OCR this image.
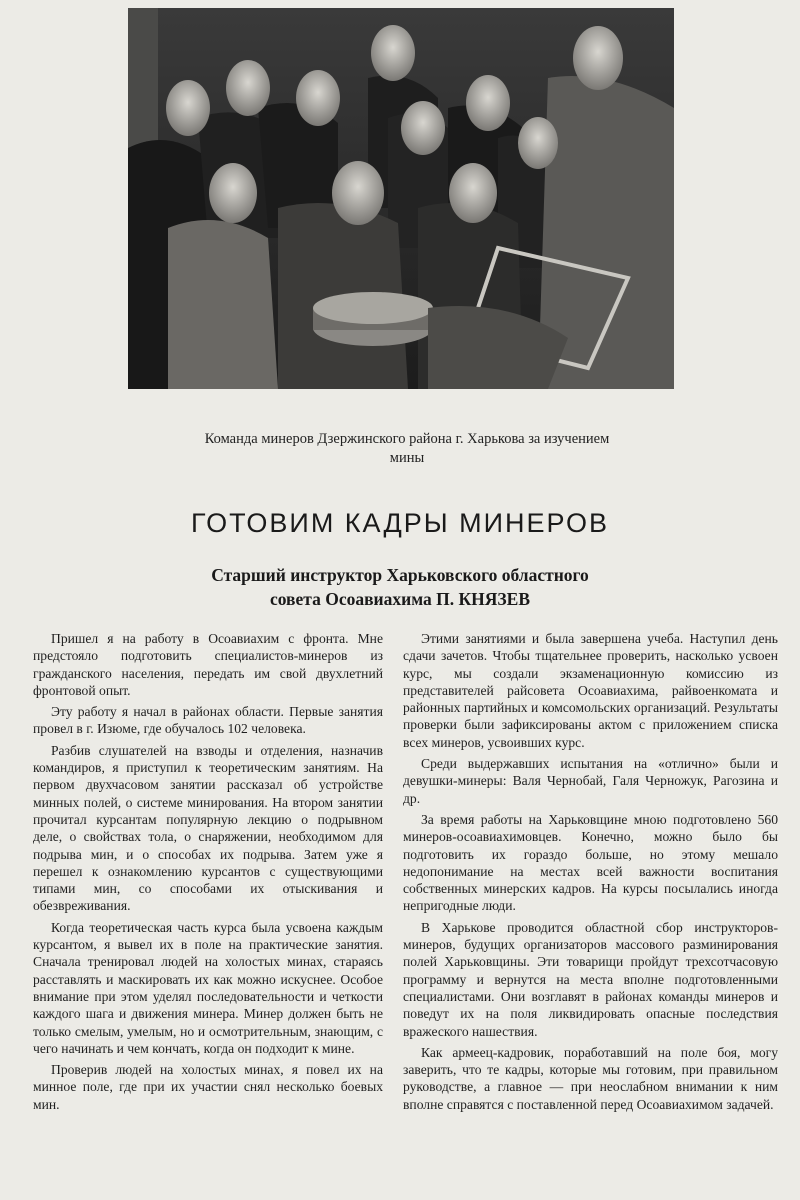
Команда минеров Дзержинского района г. Харькова за изучением
мины
ГОТОВИМ КАДРЫ МИНЕРОВ
Старший инструктор Харьковского областного
совета Осоавиахима П. КНЯЗЕВ

Пришел я на работу в Осоавиахим с фронта. Мне предстояло подготовить специалистов-минеров из гражданского населения, передать им свой двухлетний фронтовой опыт.

Эту работу я начал в районах области. Первые занятия провел в г. Изюме, где обучалось 102 человека.

Разбив слушателей на взводы и отделения, назначив командиров, я приступил к теоретическим занятиям. На первом двухчасовом занятии рассказал об устройстве минных полей, о системе минирования. На втором занятии прочитал курсантам популярную лекцию о подрывном деле, о свойствах тола, о снаряжении, необходимом для подрыва мин, и о способах их подрыва. Затем уже я перешел к ознакомлению курсантов с существующими типами мин, со способами их отыскивания и обезвреживания.

Когда теоретическая часть курса была усвоена каждым курсантом, я вывел их в поле на практические занятия. Сначала тренировал людей на холостых минах, стараясь расставлять и маскировать их как можно искуснее. Особое внимание при этом уделял последовательности и четкости каждого шага и движения минера. Минер должен быть не только смелым, умелым, но и осмотрительным, знающим, с чего начинать и чем кончать, когда он подходит к мине.

Проверив людей на холостых минах, я повел их на минное поле, где при их участии снял несколько боевых мин.

Этими занятиями и была завершена учеба. Наступил день сдачи зачетов. Чтобы тщательнее проверить, насколько усвоен курс, мы создали экзаменационную комиссию из представителей райсовета Осоавиахима, райвоенкомата и районных партийных и комсомольских организаций. Результаты проверки были зафиксированы актом с приложением списка всех минеров, усвоивших курс.

Среди выдержавших испытания на «отлично» были и девушки-минеры: Валя Чернобай, Галя Черножук, Рагозина и др.

За время работы на Харьковщине мною подготовлено 560 минеров-осоавиахимовцев. Конечно, можно было бы подготовить их гораздо больше, но этому мешало недопонимание на местах всей важности воспитания собственных минерских кадров. На курсы посылались иногда непригодные люди.

В Харькове проводится областной сбор инструкторов-минеров, будущих организаторов массового разминирования полей Харьковщины. Эти товарищи пройдут трехсотчасовую программу и вернутся на места вполне подготовленными специалистами. Они возглавят в районах команды минеров и поведут их на поля ликвидировать опасные последствия вражеского нашествия.

Как армеец-кадровик, поработавший на поле боя, могу заверить, что те кадры, которые мы готовим, при правильном руководстве, а главное — при неослабном внимании к ним вполне справятся с поставленной перед Осоавиахимом задачей.
